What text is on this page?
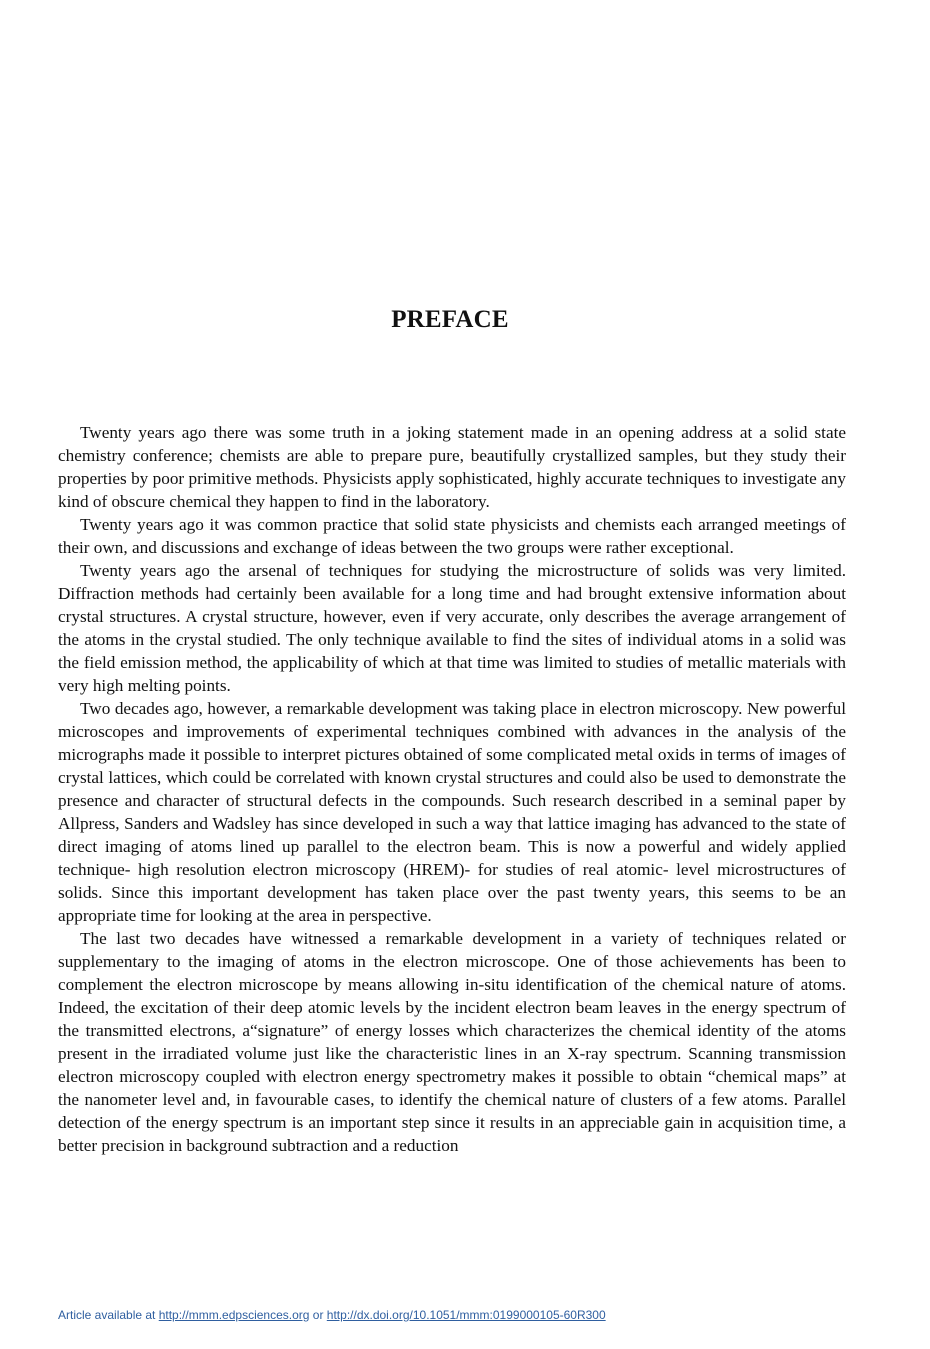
PREFACE

Twenty years ago there was some truth in a joking statement made in an opening address at a solid state chemistry conference; chemists are able to prepare pure, beautifully crystallized samples, but they study their properties by poor primitive methods. Physicists apply sophisticated, highly accurate techniques to investigate any kind of obscure chemical they happen to find in the laboratory.

Twenty years ago it was common practice that solid state physicists and chemists each arranged meetings of their own, and discussions and exchange of ideas between the two groups were rather exceptional.

Twenty years ago the arsenal of techniques for studying the microstructure of solids was very limited. Diffraction methods had certainly been available for a long time and had brought extensive information about crystal structures. A crystal structure, however, even if very accurate, only describes the average arrangement of the atoms in the crystal studied. The only technique available to find the sites of individual atoms in a solid was the field emission method, the applicability of which at that time was limited to studies of metallic materials with very high melting points.

Two decades ago, however, a remarkable development was taking place in electron microscopy. New powerful microscopes and improvements of experimental techniques combined with advances in the analysis of the micrographs made it possible to interpret pictures obtained of some complicated metal oxids in terms of images of crystal lattices, which could be correlated with known crystal structures and could also be used to demonstrate the presence and character of structural defects in the compounds. Such research described in a seminal paper by Allpress, Sanders and Wadsley has since developed in such a way that lattice imaging has advanced to the state of direct imaging of atoms lined up parallel to the electron beam. This is now a powerful and widely applied technique- high resolution electron microscopy (HREM)- for studies of real atomic- level microstructures of solids. Since this important development has taken place over the past twenty years, this seems to be an appropriate time for looking at the area in perspective.

The last two decades have witnessed a remarkable development in a variety of techniques related or supplementary to the imaging of atoms in the electron microscope. One of those achievements has been to complement the electron microscope by means allowing in-situ identification of the chemical nature of atoms. Indeed, the excitation of their deep atomic levels by the incident electron beam leaves in the energy spectrum of the transmitted electrons, a“signature” of energy losses which characterizes the chemical identity of the atoms present in the irradiated volume just like the characteristic lines in an X-ray spectrum. Scanning transmission electron microscopy coupled with electron energy spectrometry makes it possible to obtain “chemical maps” at the nanometer level and, in favourable cases, to identify the chemical nature of clusters of a few atoms. Parallel detection of the energy spectrum is an important step since it results in an appreciable gain in acquisition time, a better precision in background subtraction and a reduction

Article available at http://mmm.edpsciences.org or http://dx.doi.org/10.1051/mmm:0199000105-60R300
